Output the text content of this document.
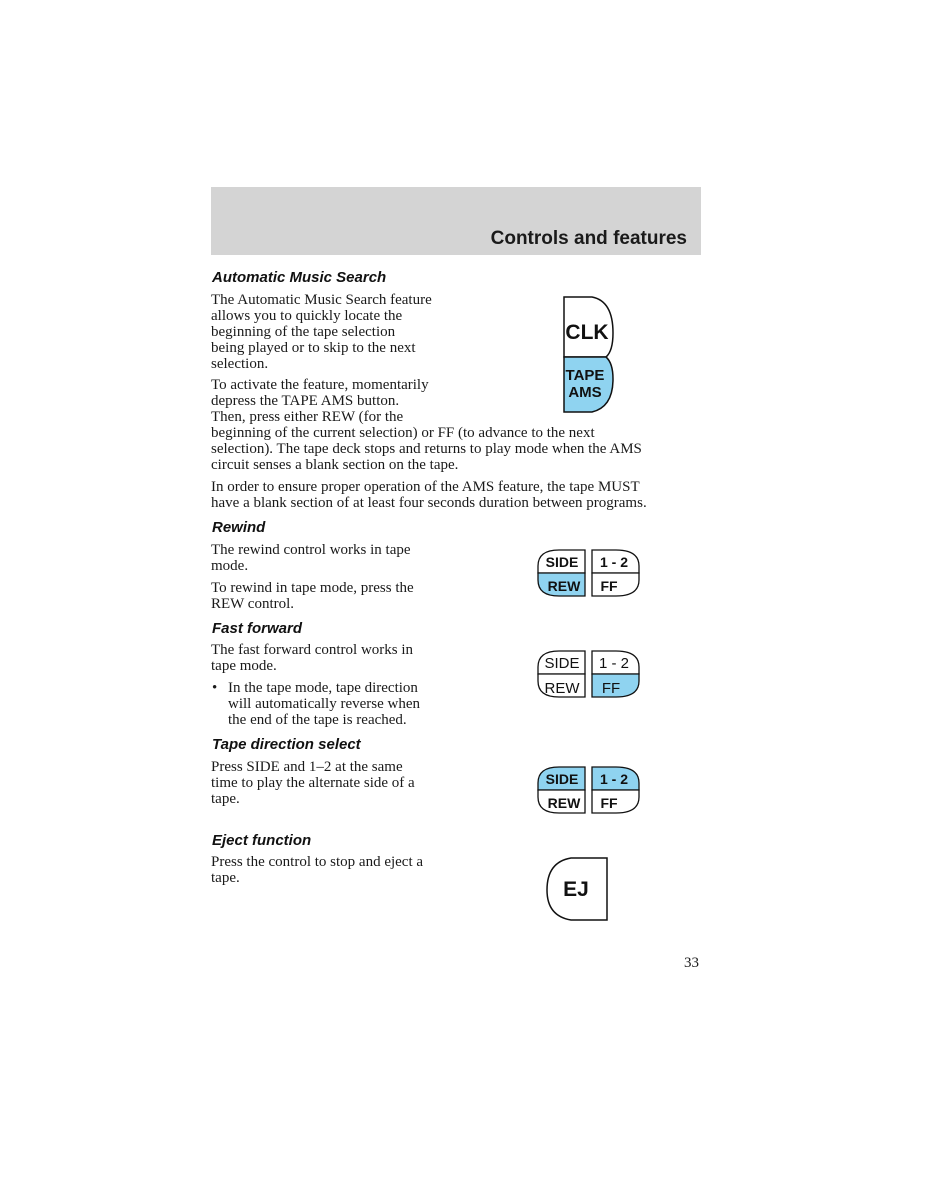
Controls and features
Automatic Music Search
The Automatic Music Search feature
allows you to quickly locate the
beginning of the tape selection
being played or to skip to the next
selection.
To activate the feature, momentarily
depress the TAPE AMS button.
Then, press either REW (for the
beginning of the current selection) or FF (to advance to the next
selection). The tape deck stops and returns to play mode when the AMS
circuit senses a blank section on the tape.
In order to ensure proper operation of the AMS feature, the tape MUST
have a blank section of at least four seconds duration between programs.
CLK
TAPE
AMS
Rewind
The rewind control works in tape
mode.
To rewind in tape mode, press the
REW control.
SIDE
REW
1 - 2
FF
Fast forward
The fast forward control works in
tape mode.
• In the tape mode, tape direction
will automatically reverse when
the end of the tape is reached.
SIDE
REW
1 - 2
FF
Tape direction select
Press SIDE and 1–2 at the same
time to play the alternate side of a
tape.
SIDE
REW
1 - 2
FF
Eject function
Press the control to stop and eject a
tape.	EJ
33
